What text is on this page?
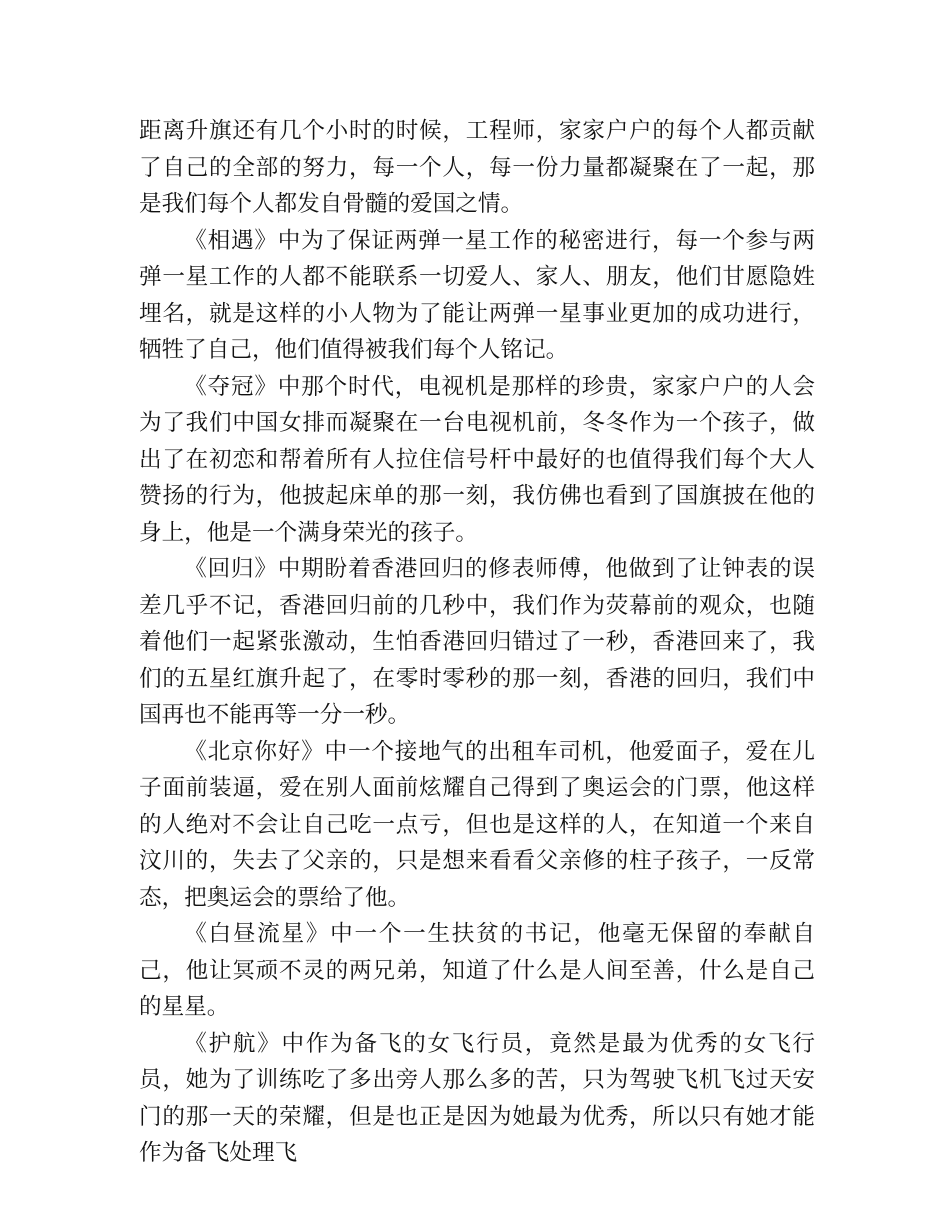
距离升旗还有几个小时的时候，工程师，家家户户的每个人都贡献了自己的全部的努力，每一个人，每一份力量都凝聚在了一起，那是我们每个人都发自骨髓的爱国之情。

《相遇》中为了保证两弹一星工作的秘密进行，每一个参与两弹一星工作的人都不能联系一切爱人、家人、朋友，他们甘愿隐姓埋名，就是这样的小人物为了能让两弹一星事业更加的成功进行，牺牲了自己，他们值得被我们每个人铭记。

《夺冠》中那个时代，电视机是那样的珍贵，家家户户的人会为了我们中国女排而凝聚在一台电视机前，冬冬作为一个孩子，做出了在初恋和帮着所有人拉住信号杆中最好的也值得我们每个大人赞扬的行为，他披起床单的那一刻，我仿佛也看到了国旗披在他的身上，他是一个满身荣光的孩子。

《回归》中期盼着香港回归的修表师傅，他做到了让钟表的误差几乎不记，香港回归前的几秒中，我们作为荧幕前的观众，也随着他们一起紧张激动，生怕香港回归错过了一秒，香港回来了，我们的五星红旗升起了，在零时零秒的那一刻，香港的回归，我们中国再也不能再等一分一秒。

《北京你好》中一个接地气的出租车司机，他爱面子，爱在儿子面前装逼，爱在别人面前炫耀自己得到了奥运会的门票，他这样的人绝对不会让自己吃一点亏，但也是这样的人，在知道一个来自汶川的，失去了父亲的，只是想来看看父亲修的柱子孩子，一反常态，把奥运会的票给了他。

《白昼流星》中一个一生扶贫的书记，他毫无保留的奉献自己，他让冥顽不灵的两兄弟，知道了什么是人间至善，什么是自己的星星。

《护航》中作为备飞的女飞行员，竟然是最为优秀的女飞行员，她为了训练吃了多出旁人那么多的苦，只为驾驶飞机飞过天安门的那一天的荣耀，但是也正是因为她最为优秀，所以只有她才能作为备飞处理飞
